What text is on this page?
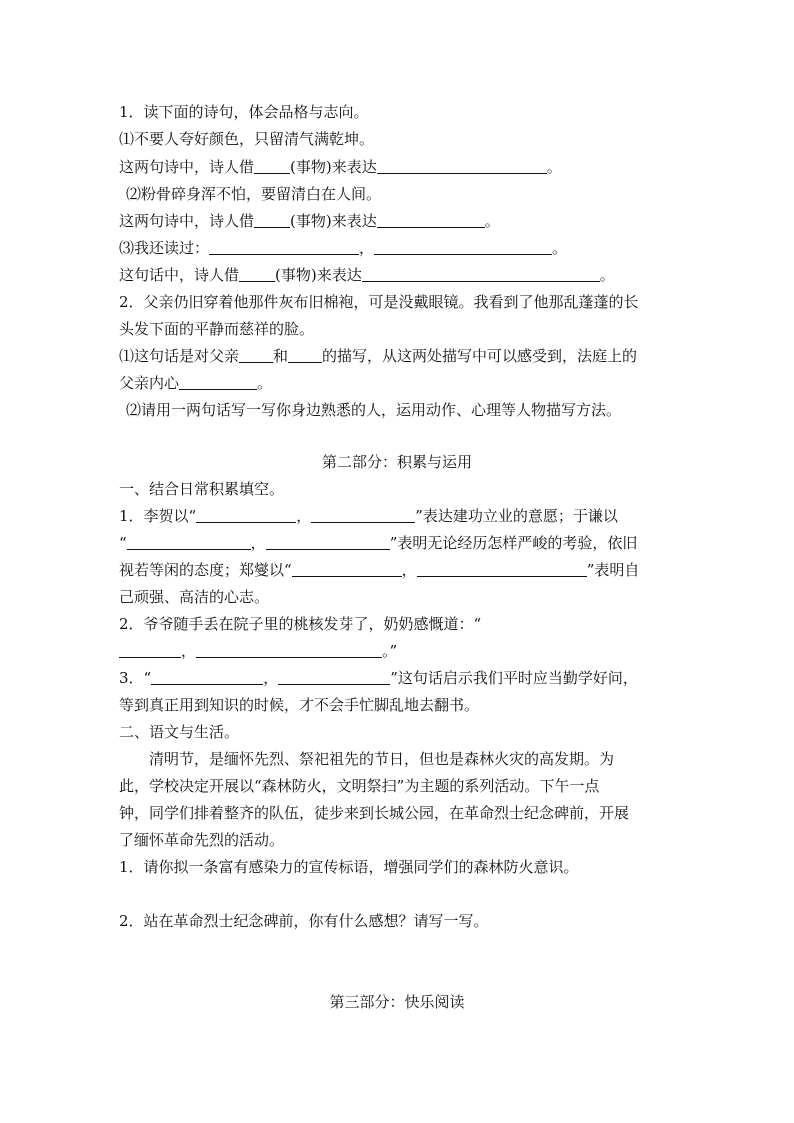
1．读下面的诗句，体会品格与志向。
⑴不要人夸好颜色，只留清气满乾坤。
这两句诗中，诗人借 (事物)来表达	。
⑵粉骨碎身浑不怕，要留清白在人间。
这两句诗中，诗人借 (事物)来表达	。
⑶我还读过：	，	。
这句话中，诗人借 (事物)来表达	。
2．父亲仍旧穿着他那件灰布旧棉袍，可是没戴眼镜。我看到了他那乱蓬蓬的长
头发下面的平静而慈祥的脸。
⑴这句话是对父亲 和 的描写，从这两处描写中可以感受到，法庭上的
父亲内心	。
⑵请用一两句话写一写你身边熟悉的人，运用动作、心理等人物描写方法。
第二部分：积累与运用
一、结合日常积累填空。
1．李贺以“	，	”表达建功立业的意愿；于谦以
“	，	”表明无论经历怎样严峻的考验，依旧
视若等闲的态度；郑燮以“	，	”表明自
己顽强、高洁的心志。
2．爷爷随手丢在院子里的桃核发芽了，奶奶感慨道：“
，	。”
3．“	，	”这句话启示我们平时应当勤学好问，
等到真正用到知识的时候，才不会手忙脚乱地去翻书。
二、语文与生活。
　　清明节，是缅怀先烈、祭祀祖先的节日，但也是森林火灾的高发期。为
此，学校决定开展以“森林防火，文明祭扫”为主题的系列活动。下午一点
钟，同学们排着整齐的队伍，徒步来到长城公园，在革命烈士纪念碑前，开展
了缅怀革命先烈的活动。
1．请你拟一条富有感染力的宣传标语，增强同学们的森林防火意识。
2．站在革命烈士纪念碑前，你有什么感想？请写一写。
第三部分：快乐阅读
